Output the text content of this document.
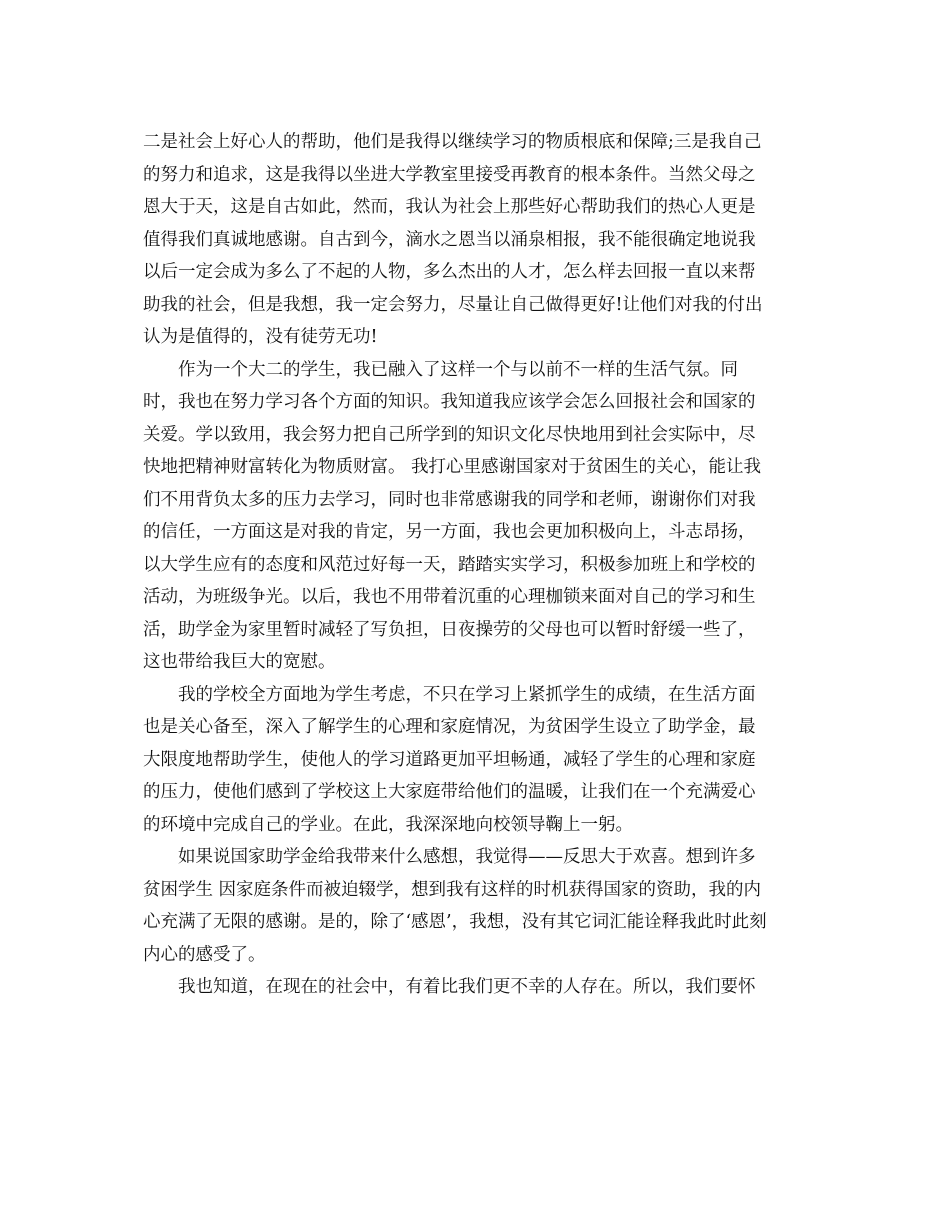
二是社会上好心人的帮助，他们是我得以继续学习的物质根底和保障;三是我自己
的努力和追求，这是我得以坐进大学教室里接受再教育的根本条件。当然父母之
恩大于天，这是自古如此，然而，我认为社会上那些好心帮助我们的热心人更是
值得我们真诚地感谢。自古到今，滴水之恩当以涌泉相报，我不能很确定地说我
以后一定会成为多么了不起的人物，多么杰出的人才，怎么样去回报一直以来帮
助我的社会，但是我想，我一定会努力，尽量让自己做得更好!让他们对我的付出
认为是值得的，没有徒劳无功!
作为一个大二的学生，我已融入了这样一个与以前不一样的生活气氛。同
时，我也在努力学习各个方面的知识。我知道我应该学会怎么回报社会和国家的
关爱。学以致用，我会努力把自己所学到的知识文化尽快地用到社会实际中，尽
快地把精神财富转化为物质财富。 我打心里感谢国家对于贫困生的关心，能让我
们不用背负太多的压力去学习，同时也非常感谢我的同学和老师，谢谢你们对我
的信任，一方面这是对我的肯定，另一方面，我也会更加积极向上，斗志昂扬，
以大学生应有的态度和风范过好每一天，踏踏实实学习，积极参加班上和学校的
活动，为班级争光。以后，我也不用带着沉重的心理枷锁来面对自己的学习和生
活，助学金为家里暂时减轻了写负担，日夜操劳的父母也可以暂时舒缓一些了，
这也带给我巨大的宽慰。
我的学校全方面地为学生考虑，不只在学习上紧抓学生的成绩，在生活方面
也是关心备至，深入了解学生的心理和家庭情况，为贫困学生设立了助学金，最
大限度地帮助学生，使他人的学习道路更加平坦畅通，减轻了学生的心理和家庭
的压力，使他们感到了学校这上大家庭带给他们的温暖，让我们在一个充满爱心
的环境中完成自己的学业。在此，我深深地向校领导鞠上一躬。
如果说国家助学金给我带来什么感想，我觉得——反思大于欢喜。想到许多
贫困学生 因家庭条件而被迫辍学，想到我有这样的时机获得国家的资助，我的内
心充满了无限的感谢。是的，除了‘感恩’，我想，没有其它词汇能诠释我此时此刻
内心的感受了。
我也知道，在现在的社会中，有着比我们更不幸的人存在。所以，我们要怀
